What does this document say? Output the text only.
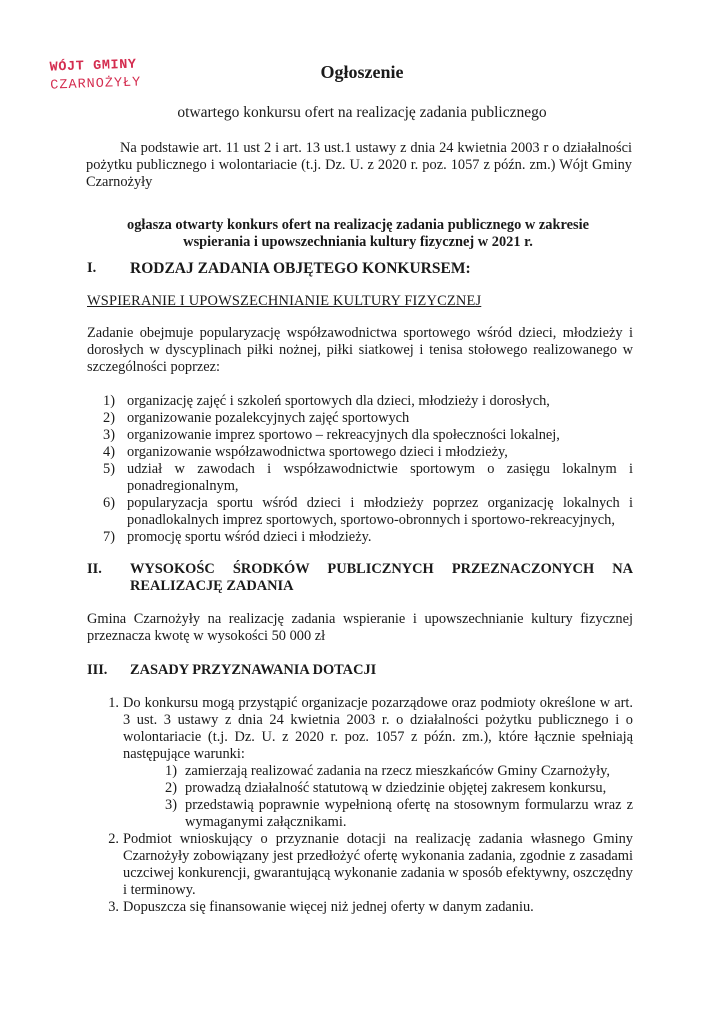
WÓJT GMINY
CZARNOŻYŁY
Ogłoszenie
otwartego konkursu ofert na realizację zadania publicznego
Na podstawie art. 11 ust 2 i art. 13 ust.1 ustawy z dnia 24 kwietnia 2003 r o działalności pożytku publicznego i wolontariacie (t.j. Dz. U. z 2020 r. poz. 1057 z późn. zm.) Wójt Gminy Czarnożyły
ogłasza otwarty konkurs ofert na realizację zadania publicznego w zakresie wspierania i upowszechniania kultury fizycznej w 2021 r.
I. RODZAJ ZADANIA OBJĘTEGO KONKURSEM:
WSPIERANIE I UPOWSZECHNIANIE KULTURY FIZYCZNEJ
Zadanie obejmuje popularyzację współzawodnictwa sportowego wśród dzieci, młodzieży i dorosłych w dyscyplinach piłki nożnej, piłki siatkowej i tenisa stołowego realizowanego w szczególności poprzez:
1) organizację zajęć i szkoleń sportowych dla dzieci, młodzieży i dorosłych,
2) organizowanie pozalekcyjnych zajęć sportowych
3) organizowanie imprez sportowo – rekreacyjnych dla społeczności lokalnej,
4) organizowanie współzawodnictwa sportowego dzieci i młodzieży,
5) udział w zawodach i współzawodnictwie sportowym o zasięgu lokalnym i ponadregionalnym,
6) popularyzacja sportu wśród dzieci i młodzieży poprzez organizację lokalnych i ponadlokalnych imprez sportowych, sportowo-obronnych i sportowo-rekreacyjnych,
7) promocję sportu wśród dzieci i młodzieży.
II. WYSOKOŚC ŚRODKÓW PUBLICZNYCH PRZEZNACZONYCH NA REALIZACJĘ ZADANIA
Gmina Czarnożyły na realizację zadania wspieranie i upowszechnianie kultury fizycznej przeznacza kwotę w wysokości 50 000 zł
III. ZASADY PRZYZNAWANIA DOTACJI
1. Do konkursu mogą przystąpić organizacje pozarządowe oraz podmioty określone w art. 3 ust. 3 ustawy z dnia 24 kwietnia 2003 r. o działalności pożytku publicznego i o wolontariacie (t.j. Dz. U. z 2020 r. poz. 1057 z późn. zm.), które łącznie spełniają następujące warunki:
1) zamierzają realizować zadania na rzecz mieszkańców Gminy Czarnożyły,
2) prowadzą działalność statutową w dziedzinie objętej zakresem konkursu,
3) przedstawią poprawnie wypełnioną ofertę na stosownym formularzu wraz z wymaganymi załącznikami.
2. Podmiot wnioskujący o przyznanie dotacji na realizację zadania własnego Gminy Czarnożyły zobowiązany jest przedłożyć ofertę wykonania zadania, zgodnie z zasadami uczciwej konkurencji, gwarantującą wykonanie zadania w sposób efektywny, oszczędny i terminowy.
3. Dopuszcza się finansowanie więcej niż jednej oferty w danym zadaniu.
